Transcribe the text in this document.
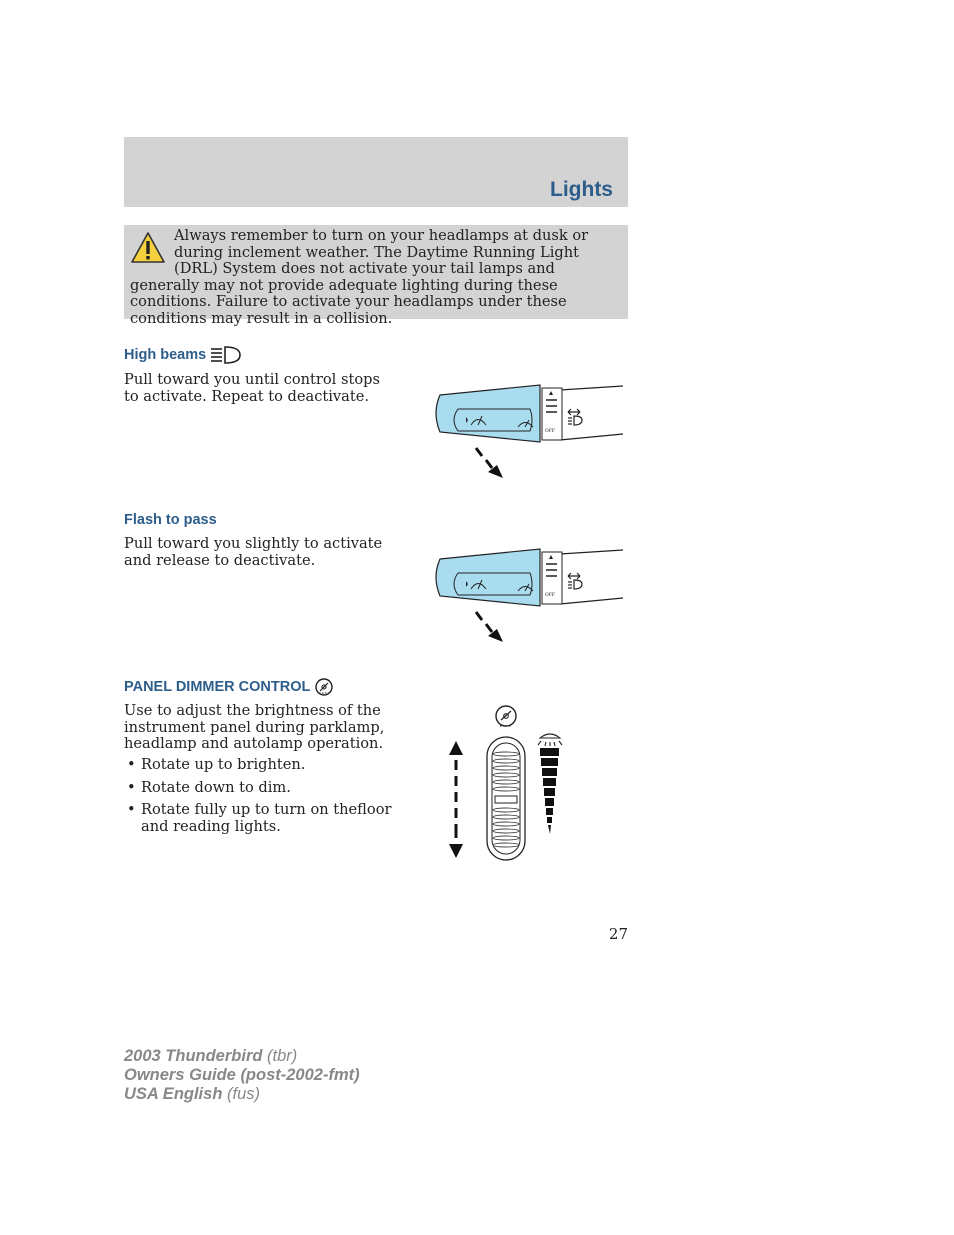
Lights
Always remember to turn on your headlamps at dusk or during inclement weather. The Daytime Running Light (DRL) System does not activate your tail lamps and generally may not provide adequate lighting during these conditions. Failure to activate your headlamps under these conditions may result in a collision.
High beams
Pull toward you until control stops to activate. Repeat to deactivate.
OFF
Flash to pass
Pull toward you slightly to activate and release to deactivate.
OFF
PANEL DIMMER CONTROL
Use to adjust the brightness of the instrument panel during parklamp, headlamp and autolamp operation.
• Rotate up to brighten.
• Rotate down to dim.
• Rotate fully up to turn on thefloor and reading lights.
27
2003 Thunderbird (tbr)
Owners Guide (post-2002-fmt)
USA English (fus)
